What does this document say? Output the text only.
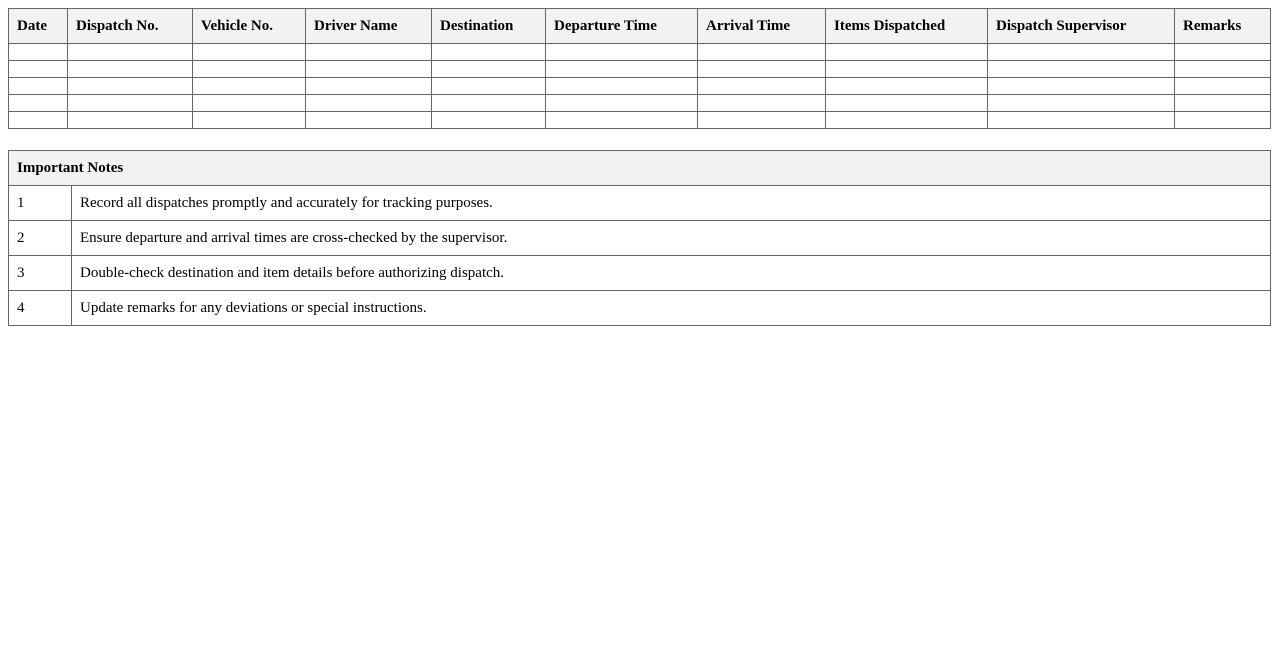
Date	Dispatch No.	Vehicle No.	Driver Name	Destination	Departure Time	Arrival Time	Items Dispatched	Dispatch Supervisor	Remarks

Important Notes	
1	Record all dispatches promptly and accurately for tracking purposes.
2	Ensure departure and arrival times are cross-checked by the supervisor.
3	Double-check destination and item details before authorizing dispatch.
4	Update remarks for any deviations or special instructions.
